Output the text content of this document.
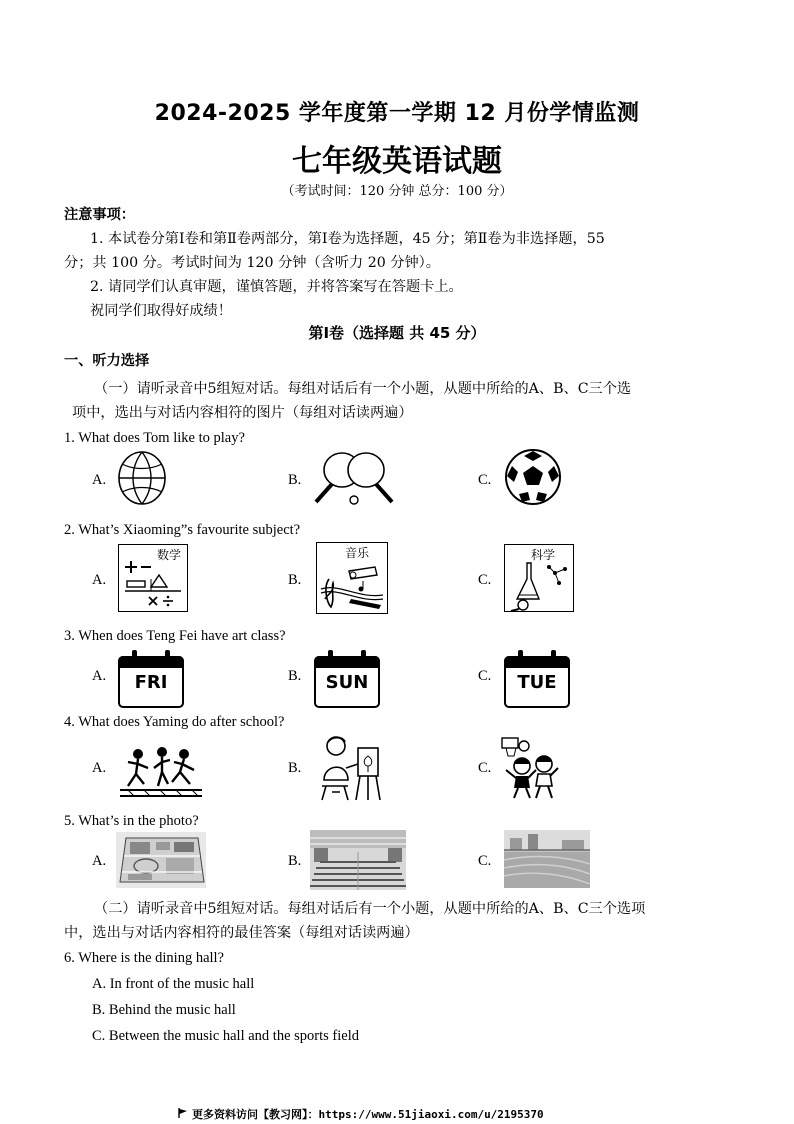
2024-2025 学年度第一学期 12 月份学情监测
七年级英语试题
（考试时间：120 分钟 总分：100 分）
注意事项：
1. 本试卷分第Ⅰ卷和第Ⅱ卷两部分，第Ⅰ卷为选择题，45 分；第Ⅱ卷为非选择题，55
分；共 100 分。考试时间为 120 分钟（含听力 20 分钟）。
2. 请同学们认真审题，谨慎答题，并将答案写在答题卡上。
祝同学们取得好成绩！
第Ⅰ卷（选择题 共 45 分）
一、听力选择
（一）请听录音中5组短对话。每组对话后有一个小题，从题中所给的A、B、C三个选
项中，选出与对话内容相符的图片（每组对话读两遍）
1. What does Tom like to play?
A.	B.	C.
2. What’s Xiaoming”s favourite subject?
A.
数学
B.
音乐
C.
科学
3. When does Teng Fei have art class?
A.	FRI	B.	SUN	C.	TUE
4. What does Yaming do after school?
A.	B.	C.
5. What’s in the photo?
A.	B.	C.
（二）请听录音中5组短对话。每组对话后有一个小题，从题中所给的A、B、C三个选项
中，选出与对话内容相符的最佳答案（每组对话读两遍）
6. Where is the dining hall?
A. In front of the music hall
B. Behind the music hall
C. Between the music hall and the sports field
更多资料访问【教习网】：https://www.51jiaoxi.com/u/2195370
